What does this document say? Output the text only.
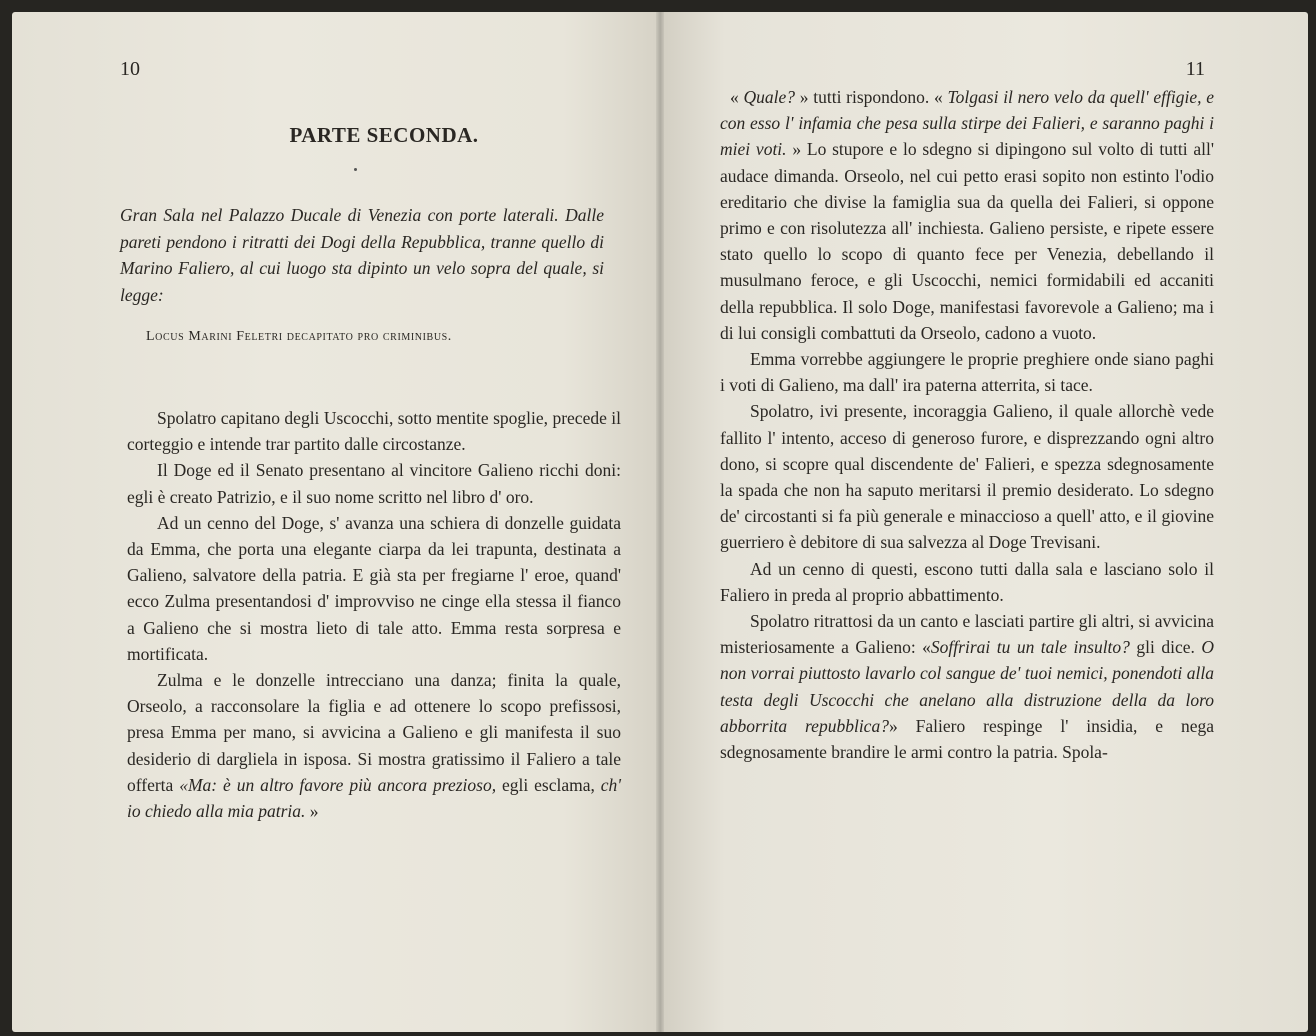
10
PARTE SECONDA.
Gran Sala nel Palazzo Ducale di Venezia con porte laterali. Dalle pareti pendono i ritratti dei Dogi della Repubblica, tranne quello di Marino Faliero, al cui luogo sta dipinto un velo sopra del quale, si legge:
Locus Marini Feletri decapitato pro criminibus.

Spolatro capitano degli Uscocchi, sotto mentite spoglie, precede il corteggio e intende trar partito dalle circostanze.

Il Doge ed il Senato presentano al vincitore Galieno ricchi doni: egli è creato Patrizio, e il suo nome scritto nel libro d' oro.

Ad un cenno del Doge, s' avanza una schiera di donzelle guidata da Emma, che porta una elegante ciarpa da lei trapunta, destinata a Galieno, salvatore della patria. E già sta per fregiarne l' eroe, quand' ecco Zulma presentandosi d' improvviso ne cinge ella stessa il fianco a Galieno che si mostra lieto di tale atto. Emma resta sorpresa e mortificata.

Zulma e le donzelle intrecciano una danza; finita la quale, Orseolo, a racconsolare la figlia e ad ottenere lo scopo prefissosi, presa Emma per mano, si avvicina a Galieno e gli manifesta il suo desiderio di dargliela in isposa. Si mostra gratissimo il Faliero a tale offerta «Ma: è un altro favore più ancora prezioso, egli esclama, ch' io chiedo alla mia patria. »

11

« Quale? » tutti rispondono. « Tolgasi il nero velo da quell' effigie, e con esso l' infamia che pesa sulla stirpe dei Falieri, e saranno paghi i miei voti. » Lo stupore e lo sdegno si dipingono sul volto di tutti all' audace dimanda. Orseolo, nel cui petto erasi sopito non estinto l'odio ereditario che divise la famiglia sua da quella dei Falieri, si oppone primo e con risolutezza all' inchiesta. Galieno persiste, e ripete essere stato quello lo scopo di quanto fece per Venezia, debellando il musulmano feroce, e gli Uscocchi, nemici formidabili ed accaniti della repubblica. Il solo Doge, manifestasi favorevole a Galieno; ma i di lui consigli combattuti da Orseolo, cadono a vuoto.

Emma vorrebbe aggiungere le proprie preghiere onde siano paghi i voti di Galieno, ma dall' ira paterna atterrita, si tace.

Spolatro, ivi presente, incoraggia Galieno, il quale allorchè vede fallito l' intento, acceso di generoso furore, e disprezzando ogni altro dono, si scopre qual discendente de' Falieri, e spezza sdegnosamente la spada che non ha saputo meritarsi il premio desiderato. Lo sdegno de' circostanti si fa più generale e minaccioso a quell' atto, e il giovine guerriero è debitore di sua salvezza al Doge Trevisani.

Ad un cenno di questi, escono tutti dalla sala e lasciano solo il Faliero in preda al proprio abbattimento.

Spolatro ritrattosi da un canto e lasciati partire gli altri, si avvicina misteriosamente a Galieno: «Soffrirai tu un tale insulto? gli dice. O non vorrai piuttosto lavarlo col sangue de' tuoi nemici, ponendoti alla testa degli Uscocchi che anelano alla distruzione della da loro abborrita repubblica?» Faliero respinge l' insidia, e nega sdegnosamente brandire le armi contro la patria. Spola-
